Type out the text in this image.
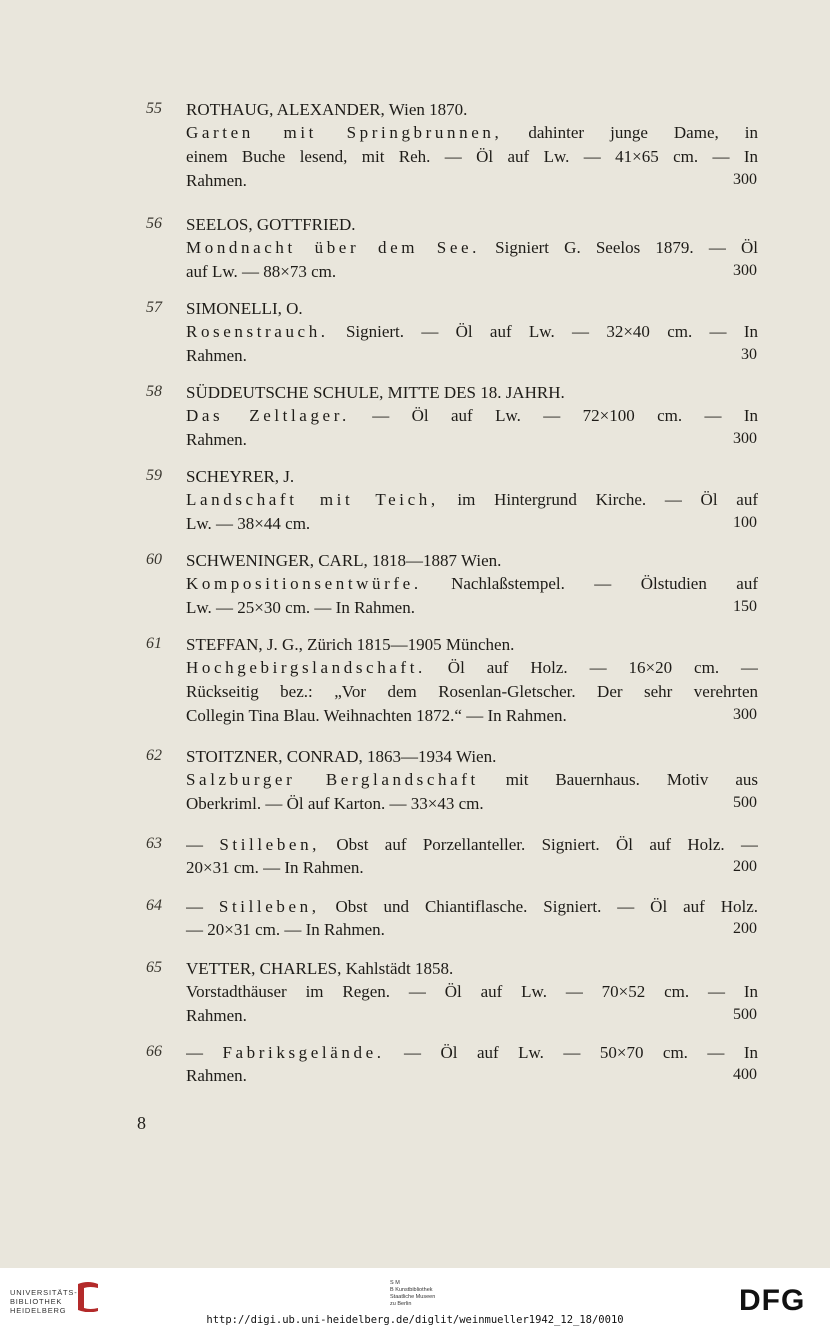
55 ROTHAUG, ALEXANDER, Wien 1870.
Garten mit Springbrunnen, dahinter junge Dame, in
einem Buche lesend, mit Reh. — Öl auf Lw. — 41×65 cm. — In
Rahmen.	300
56 SEELOS, GOTTFRIED.
Mondnacht über dem See. Signiert G. Seelos 1879. — Öl
auf Lw. — 88×73 cm.	300
57 SIMONELLI, O.
Rosenstrauch. Signiert. — Öl auf Lw. — 32×40 cm. — In
Rahmen.	30
58 SÜDDEUTSCHE SCHULE, MITTE DES 18. JAHRH.
Das Zeltlager. — Öl auf Lw. — 72×100 cm. — In
Rahmen.	300
59 SCHEYRER, J.
Landschaft mit Teich, im Hintergrund Kirche. — Öl auf
Lw. — 38×44 cm.	100
60 SCHWENINGER, CARL, 1818—1887 Wien.
Kompositionsentwürfe. Nachlaßstempel. — Ölstudien auf
Lw. — 25×30 cm. — In Rahmen.	150
61 STEFFAN, J. G., Zürich 1815—1905 München.
Hochgebirgslandschaft. Öl auf Holz. — 16×20 cm. —
Rückseitig bez.: „Vor dem Rosenlan-Gletscher. Der sehr verehrten
Collegin Tina Blau. Weihnachten 1872.“ — In Rahmen.	300
62 STOITZNER, CONRAD, 1863—1934 Wien.
Salzburger Berglandschaft mit Bauernhaus. Motiv aus
Oberkriml. — Öl auf Karton. — 33×43 cm.	500
63 — Stilleben, Obst auf Porzellanteller. Signiert. Öl auf Holz. —
20×31 cm. — In Rahmen.	200
64 — Stilleben, Obst und Chiantiflasche. Signiert. — Öl auf Holz.
— 20×31 cm. — In Rahmen.	200
65 VETTER, CHARLES, Kahlstädt 1858.
Vorstadthäuser im Regen. — Öl auf Lw. — 70×52 cm. — In
Rahmen.	500
66 — Fabriksgelände. — Öl auf Lw. — 50×70 cm. — In
Rahmen.	400
8
UNIVERSITÄTS-
BIBLIOTHEK
HEIDELBERG
S M
B Kunstbibliothek
Staatliche Museen
zu Berlin	DFG
http://digi.ub.uni-heidelberg.de/diglit/weinmueller1942_12_18/0010
